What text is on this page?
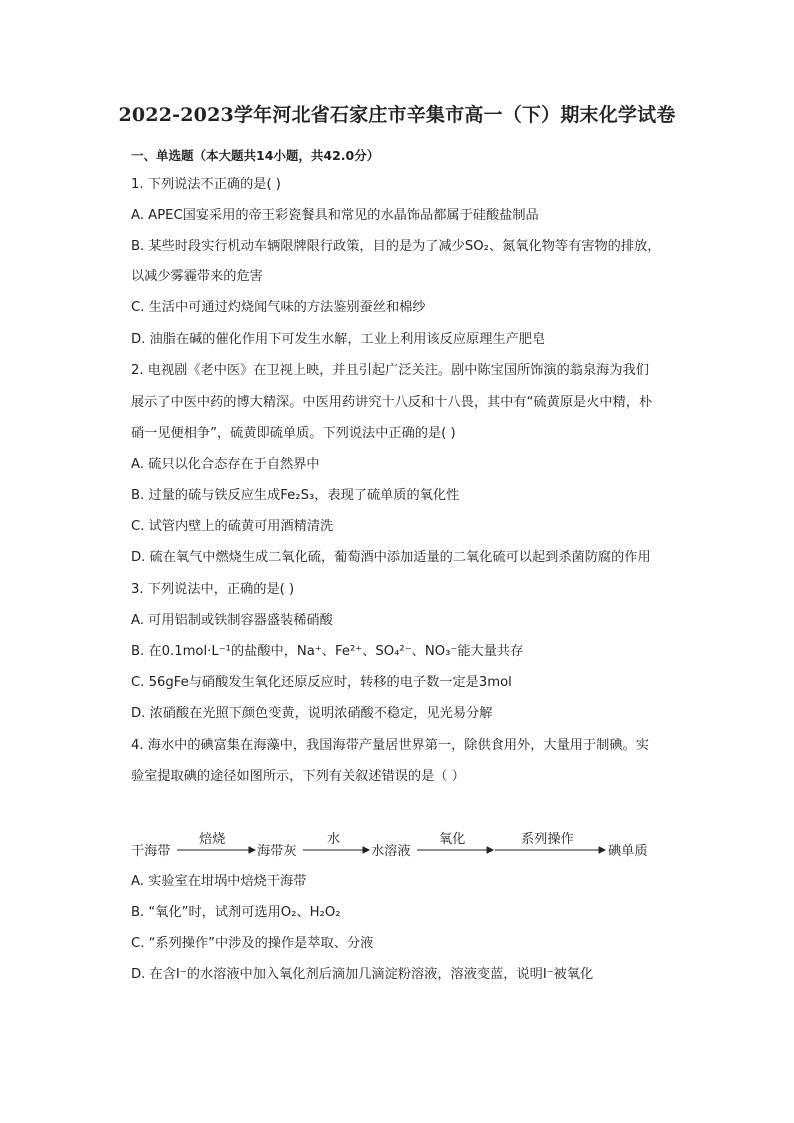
2022-2023学年河北省石家庄市辛集市高一（下）期末化学试卷
一、单选题（本大题共14小题，共42.0分）
1. 下列说法不正确的是( )
A. APEC国宴采用的帝王彩瓷餐具和常见的水晶饰品都属于硅酸盐制品
B. 某些时段实行机动车辆限牌限行政策，目的是为了减少SO₂、氮氧化物等有害物的排放，
以减少雾霾带来的危害
C. 生活中可通过灼烧闻气味的方法鉴别蚕丝和棉纱
D. 油脂在碱的催化作用下可发生水解，工业上利用该反应原理生产肥皂
2. 电视剧《老中医》在卫视上映，并且引起广泛关注。剧中陈宝国所饰演的翁泉海为我们
展示了中医中药的博大精深。中医用药讲究十八反和十八畏，其中有“硫黄原是火中精，朴
硝一见便相争”，硫黄即硫单质。下列说法中正确的是( )
A. 硫只以化合态存在于自然界中
B. 过量的硫与铁反应生成Fe₂S₃，表现了硫单质的氧化性
C. 试管内壁上的硫黄可用酒精清洗
D. 硫在氧气中燃烧生成二氧化硫，葡萄酒中添加适量的二氧化硫可以起到杀菌防腐的作用
3. 下列说法中，正确的是( )
A. 可用铝制或铁制容器盛装稀硝酸
B. 在0.1mol·L⁻¹的盐酸中，Na⁺、Fe²⁺、SO₄²⁻、NO₃⁻能大量共存
C. 56gFe与硝酸发生氧化还原反应时，转移的电子数一定是3mol
D. 浓硝酸在光照下颜色变黄，说明浓硝酸不稳定，见光易分解
4. 海水中的碘富集在海藻中，我国海带产量居世界第一，除供食用外，大量用于制碘。实
验室提取碘的途径如图所示，下列有关叙述错误的是（ ）
干海带
焙烧
海带灰
水
水溶液
氧化	系列操作
碘单质
A. 实验室在坩埚中焙烧干海带
B. “氧化”时，试剂可选用O₂、H₂O₂
C. “系列操作”中涉及的操作是萃取、分液
D. 在含I⁻的水溶液中加入氧化剂后滴加几滴淀粉溶液，溶液变蓝，说明I⁻被氧化
